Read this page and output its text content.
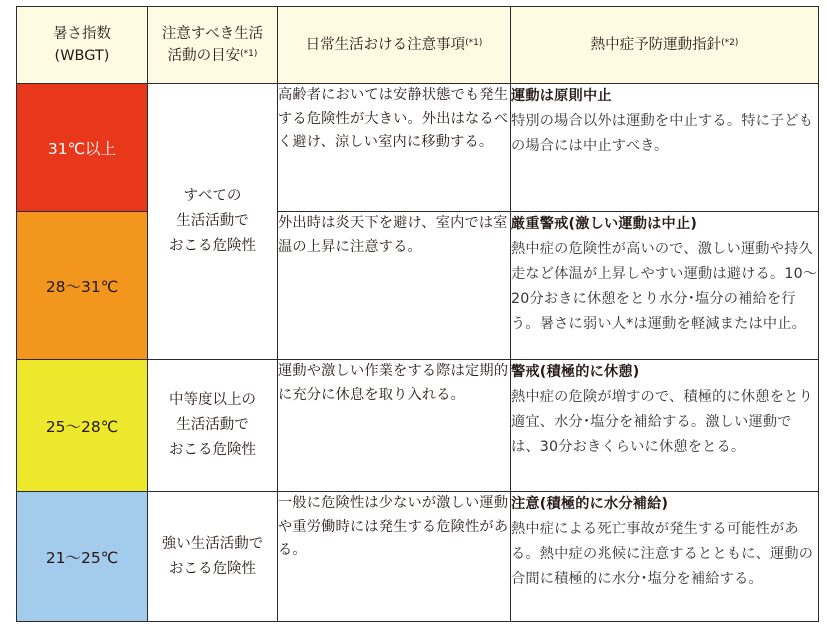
暑さ指数
(WBGT)	注意すべき生活
活動の目安$^{(*1)}$	日常生活おける注意事項$^{(*1)}$	熱中症予防運動指針$^{(*2)}$
31℃以上	すべての
生活活動で
おこる危険性	高齢者においては安静状態でも発生する危険性が大きい。外出はなるべく避け、涼しい室内に移動する。	運動は原則中止
特別の場合以外は運動を中止する。特に子どもの場合には中止すべき。
28〜31℃		外出時は炎天下を避け、室内では室温の上昇に注意する。	厳重警戒(激しい運動は中止)
熱中症の危険性が高いので、激しい運動や持久走など体温が上昇しやすい運動は避ける。10〜20分おきに休憩をとり水分･塩分の補給を行う。暑さに弱い人*は運動を軽減または中止。
25〜28℃	中等度以上の
生活活動で
おこる危険性	運動や激しい作業をする際は定期的に充分に休息を取り入れる。	警戒(積極的に休憩)
熱中症の危険が増すので、積極的に休憩をとり適宜、水分･塩分を補給する。激しい運動では、30分おきくらいに休憩をとる。
21〜25℃	強い生活活動で
おこる危険性	一般に危険性は少ないが激しい運動や重労働時には発生する危険性がある。	注意(積極的に水分補給)
熱中症による死亡事故が発生する可能性がある。熱中症の兆候に注意するとともに、運動の合間に積極的に水分･塩分を補給する。
